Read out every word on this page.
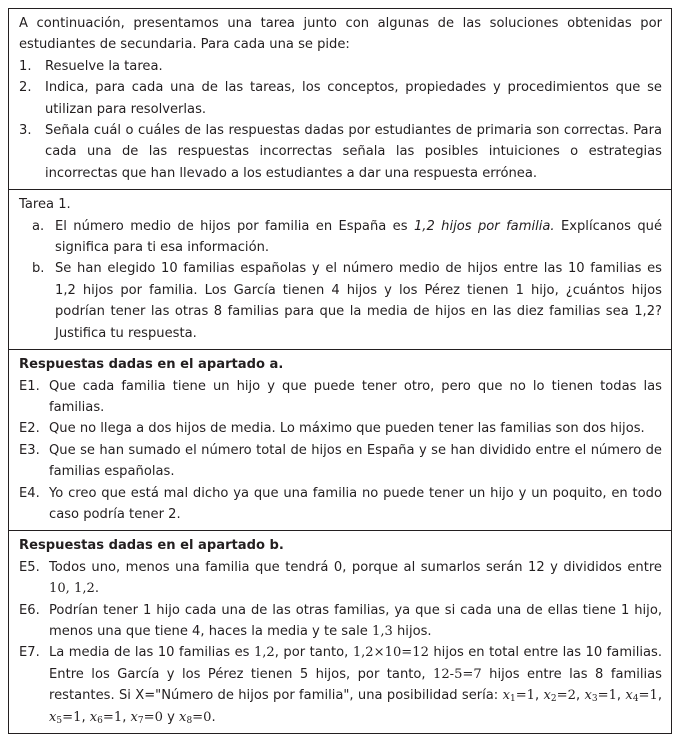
A continuación, presentamos una tarea junto con algunas de las soluciones obtenidas por estudiantes de secundaria. Para cada una se pide:

1. Resuelve la tarea.
2. Indica, para cada una de las tareas, los conceptos, propiedades y procedimientos que se utilizan para resolverlas.
3. Señala cuál o cuáles de las respuestas dadas por estudiantes de primaria son correctas. Para cada una de las respuestas incorrectas señala las posibles intuiciones o estrategias incorrectas que han llevado a los estudiantes a dar una respuesta errónea.

Tarea 1.

a. El número medio de hijos por familia en España es 1,2 hijos por familia. Explícanos qué significa para ti esa información.
b. Se han elegido 10 familias españolas y el número medio de hijos entre las 10 familias es 1,2 hijos por familia. Los García tienen 4 hijos y los Pérez tienen 1 hijo, ¿cuántos hijos podrían tener las otras 8 familias para que la media de hijos en las diez familias sea 1,2? Justifica tu respuesta.

Respuestas dadas en el apartado a.

E1. Que cada familia tiene un hijo y que puede tener otro, pero que no lo tienen todas las familias.
E2. Que no llega a dos hijos de media. Lo máximo que pueden tener las familias son dos hijos.
E3. Que se han sumado el número total de hijos en España y se han dividido entre el número de familias españolas.
E4. Yo creo que está mal dicho ya que una familia no puede tener un hijo y un poquito, en todo caso podría tener 2.

Respuestas dadas en el apartado b.

E5. Todos uno, menos una familia que tendrá 0, porque al sumarlos serán 12 y divididos entre 10, 1,2.
E6. Podrían tener 1 hijo cada una de las otras familias, ya que si cada una de ellas tiene 1 hijo, menos una que tiene 4, haces la media y te sale 1,3 hijos.
E7. La media de las 10 familias es 1,2, por tanto, 1,2×10=12 hijos en total entre las 10 familias. Entre los García y los Pérez tienen 5 hijos, por tanto, 12-5=7 hijos entre las 8 familias restantes. Si X="Número de hijos por familia", una posibilidad sería: $x_1=1$, $x_2=2$, $x_3=1$, $x_4=1$, $x_5=1$, $x_6=1$, $x_7=0$ y $x_8=0$.
